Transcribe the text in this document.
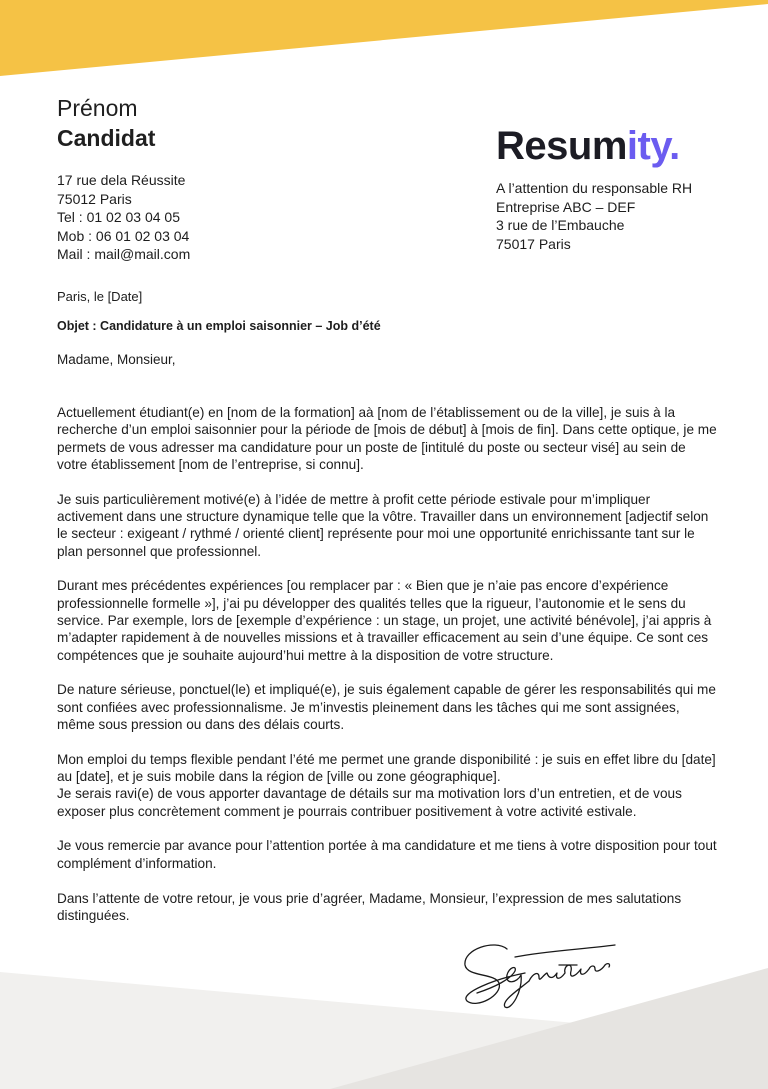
Prénom
Candidat
17 rue dela Réussite
75012 Paris
Tel : 01 02 03 04 05
Mob : 06 01 02 03 04
Mail : mail@mail.com
Resumity.
A l’attention du responsable RH
Entreprise ABC – DEF
3 rue de l’Embauche
75017 Paris
Paris, le [Date]
Objet : Candidature à un emploi saisonnier – Job d’été
Madame, Monsieur,

Actuellement étudiant(e) en [nom de la formation] aà [nom de l’établissement ou de la ville], je suis à la recherche d’un emploi saisonnier pour la période de [mois de début] à [mois de fin]. Dans cette optique, je me permets de vous adresser ma candidature pour un poste de [intitulé du poste ou secteur visé] au sein de votre établissement [nom de l’entreprise, si connu].

Je suis particulièrement motivé(e) à l’idée de mettre à profit cette période estivale pour m’impliquer activement dans une structure dynamique telle que la vôtre. Travailler dans un environnement [adjectif selon le secteur : exigeant / rythmé / orienté client] représente pour moi une opportunité enrichissante tant sur le plan personnel que professionnel.

Durant mes précédentes expériences [ou remplacer par : « Bien que je n’aie pas encore d’expérience professionnelle formelle »], j’ai pu développer des qualités telles que la rigueur, l’autonomie et le sens du service. Par exemple, lors de [exemple d’expérience : un stage, un projet, une activité bénévole], j’ai appris à m’adapter rapidement à de nouvelles missions et à travailler efficacement au sein d’une équipe. Ce sont ces compétences que je souhaite aujourd’hui mettre à la disposition de votre structure.

De nature sérieuse, ponctuel(le) et impliqué(e), je suis également capable de gérer les responsabilités qui me sont confiées avec professionnalisme. Je m’investis pleinement dans les tâches qui me sont assignées, même sous pression ou dans des délais courts.

Mon emploi du temps flexible pendant l’été me permet une grande disponibilité : je suis en effet libre du [date] au [date], et je suis mobile dans la région de [ville ou zone géographique].
Je serais ravi(e) de vous apporter davantage de détails sur ma motivation lors d’un entretien, et de vous exposer plus concrètement comment je pourrais contribuer positivement à votre activité estivale.

Je vous remercie par avance pour l’attention portée à ma candidature et me tiens à votre disposition pour tout complément d’information.

Dans l’attente de votre retour, je vous prie d’agréer, Madame, Monsieur, l’expression de mes salutations distinguées.
